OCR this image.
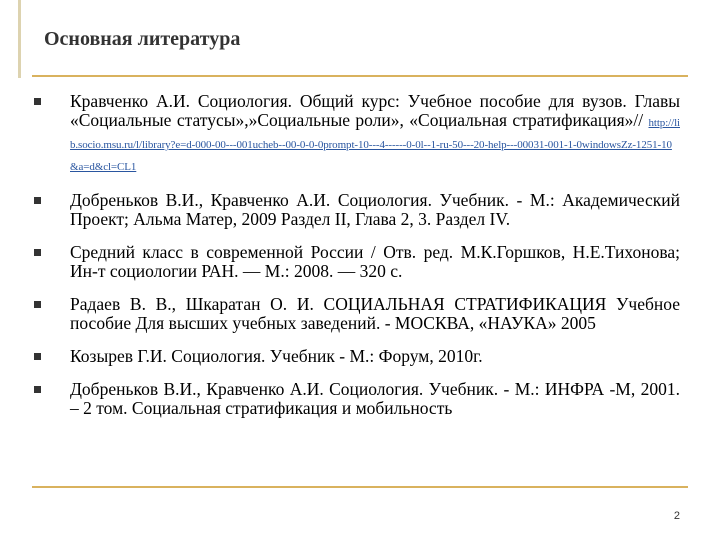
Основная литература
Кравченко А.И. Социология. Общий курс: Учебное пособие для вузов. Главы «Социальные статусы»,»Социальные роли», «Социальная стратификация»// http://lib.socio.msu.ru/l/library?e=d-000-00---001ucheb--00-0-0-0prompt-10---4------0-0l--1-ru-50---20-help---00031-001-1-0windowsZz-1251-10&a=d&cl=CL1
Добреньков В.И., Кравченко А.И. Социология. Учебник. - М.: Академический Проект; Альма Матер, 2009 Раздел II, Глава 2, 3. Раздел IV.
Средний класс в современной России / Отв. ред. М.К.Горшков, Н.Е.Тихонова; Ин-т социологии РАН. — М.: 2008. — 320 с.
Радаев В. В., Шкаратан О. И. СОЦИАЛЬНАЯ СТРАТИФИКАЦИЯ Учебное пособие Для высших учебных заведений. - МОСКВА, «НАУКА» 2005
Козырев Г.И. Социология. Учебник - М.: Форум, 2010г.
Добреньков В.И., Кравченко А.И. Социология. Учебник. - М.: ИНФРА -М, 2001. – 2 том. Социальная стратификация и мобильность
2
